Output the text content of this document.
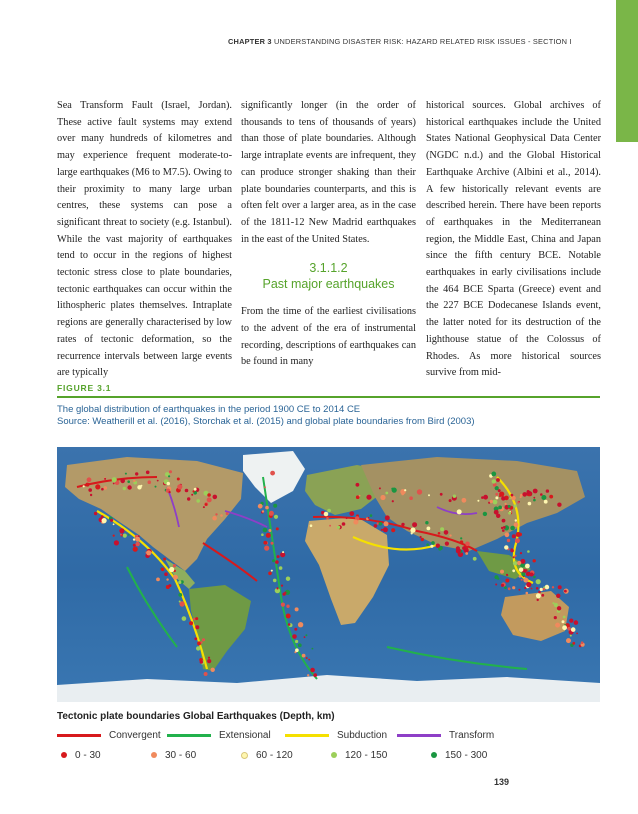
CHAPTER 3 UNDERSTANDING DISASTER RISK: HAZARD RELATED RISK ISSUES - SECTION I

Sea Transform Fault (Israel, Jordan). These active fault systems may extend over many hundreds of kilometres and may experience frequent moderate-to-large earthquakes (M6 to M7.5). Owing to their proximity to many large urban centres, these systems can pose a significant threat to society (e.g. Istanbul). While the vast majority of earthquakes tend to occur in the regions of highest tectonic stress close to plate boundaries, tectonic earthquakes can occur within the lithospheric plates themselves. Intraplate regions are generally characterised by low rates of tectonic deformation, so the recurrence intervals between large events are typically

significantly longer (in the order of thousands to tens of thousands of years) than those of plate boundaries. Although large intraplate events are infrequent, they can produce stronger shaking than their plate boundaries counterparts, and this is often felt over a larger area, as in the case of the 1811-12 New Madrid earthquakes in the east of the United States.

3.1.1.2
Past major earthquakes

From the time of the earliest civilisations to the advent of the era of instrumental recording, descriptions of earthquakes can be found in many

historical sources. Global archives of historical earthquakes include the United States National Geophysical Data Center (NGDC n.d.) and the Global Historical Earthquake Archive (Albini et al., 2014). A few historically relevant events are described herein. There have been reports of earthquakes in the Mediterranean region, the Middle East, China and Japan since the fifth century BCE. Notable earthquakes in early civilisations include the 464 BCE Sparta (Greece) event and the 227 BCE Dodecanese Islands event, the latter noted for its destruction of the lighthouse statue of the Colossus of Rhodes. As more historical sources survive from mid-

FIGURE 3.1
The global distribution of earthquakes in the period 1900 CE to 2014 CE
Source: Weatherill et al. (2016), Storchak et al. (2015) and global plate boundaries from Bird (2003)
Tectonic plate boundaries Global Earthquakes (Depth, km)
Convergent	Extensional	Subduction	Transform
0 - 30	30 - 60	60 - 120	120 - 150	150 - 300
139
